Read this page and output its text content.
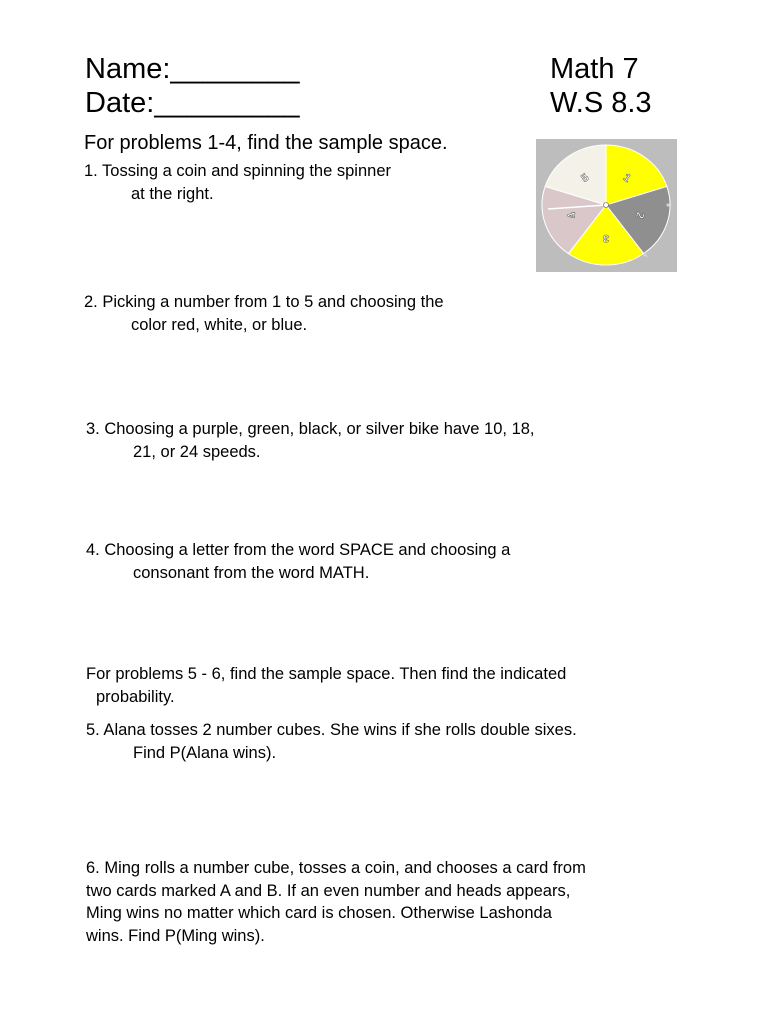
Name:________
Date:_________
Math 7
W.S 8.3
For problems 1-4, find the sample space.
1. Tossing a coin and spinning the spinner
at the right.
2. Picking a number from 1 to 5 and choosing the
color red, white, or blue.
3. Choosing a purple, green, black, or silver bike have 10, 18,
21, or 24 speeds.
4. Choosing a letter from the word SPACE and choosing a
consonant from the word MATH.
For problems 5 - 6, find the sample space. Then find the indicated
probability.
5. Alana tosses 2 number cubes. She wins if she rolls double sixes.
Find P(Alana wins).
6. Ming rolls a number cube, tosses a coin, and chooses a card from
two cards marked A and B. If an even number and heads appears,
Ming wins no matter which card is chosen. Otherwise Lashonda
wins. Find P(Ming wins).
1
2
3
4
5
